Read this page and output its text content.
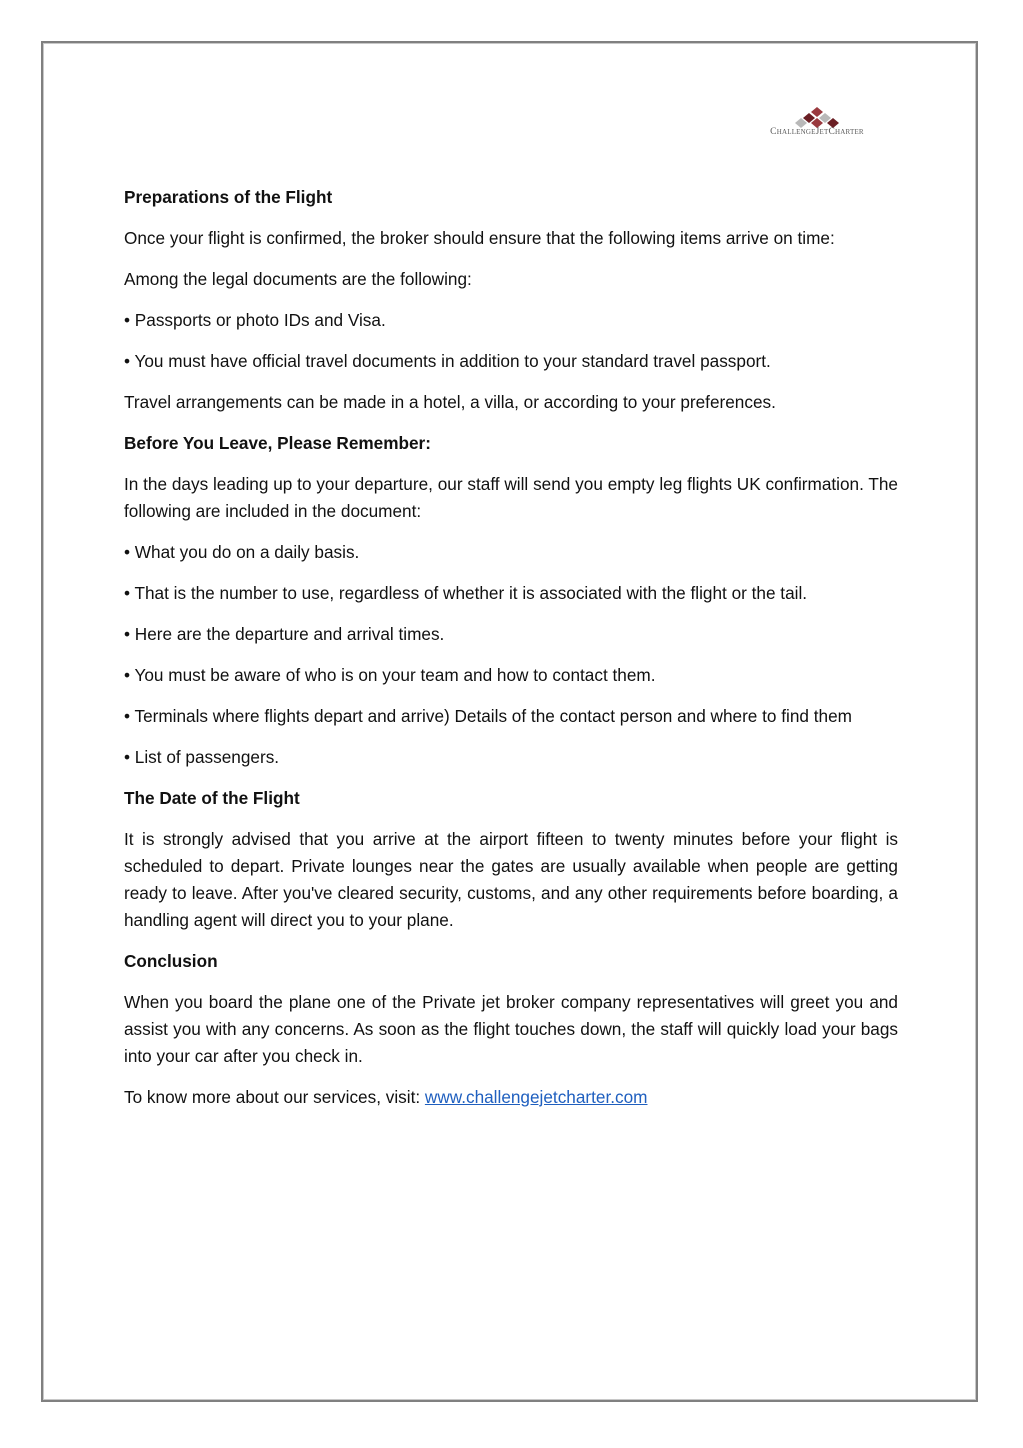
ChallengeJetCharter

Preparations of the Flight

Once your flight is confirmed, the broker should ensure that the following items arrive on time:

Among the legal documents are the following:

• Passports or photo IDs and Visa.

• You must have official travel documents in addition to your standard travel passport.

Travel arrangements can be made in a hotel, a villa, or according to your preferences.

Before You Leave, Please Remember:

In the days leading up to your departure, our staff will send you empty leg flights UK confirmation. The following are included in the document:

• What you do on a daily basis.

• That is the number to use, regardless of whether it is associated with the flight or the tail.

• Here are the departure and arrival times.

• You must be aware of who is on your team and how to contact them.

• Terminals where flights depart and arrive) Details of the contact person and where to find them

• List of passengers.

The Date of the Flight

It is strongly advised that you arrive at the airport fifteen to twenty minutes before your flight is scheduled to depart. Private lounges near the gates are usually available when people are getting ready to leave. After you've cleared security, customs, and any other requirements before boarding, a handling agent will direct you to your plane.

Conclusion

When you board the plane one of the Private jet broker company representatives will greet you and assist you with any concerns. As soon as the flight touches down, the staff will quickly load your bags into your car after you check in.

To know more about our services, visit: www.challengejetcharter.com
